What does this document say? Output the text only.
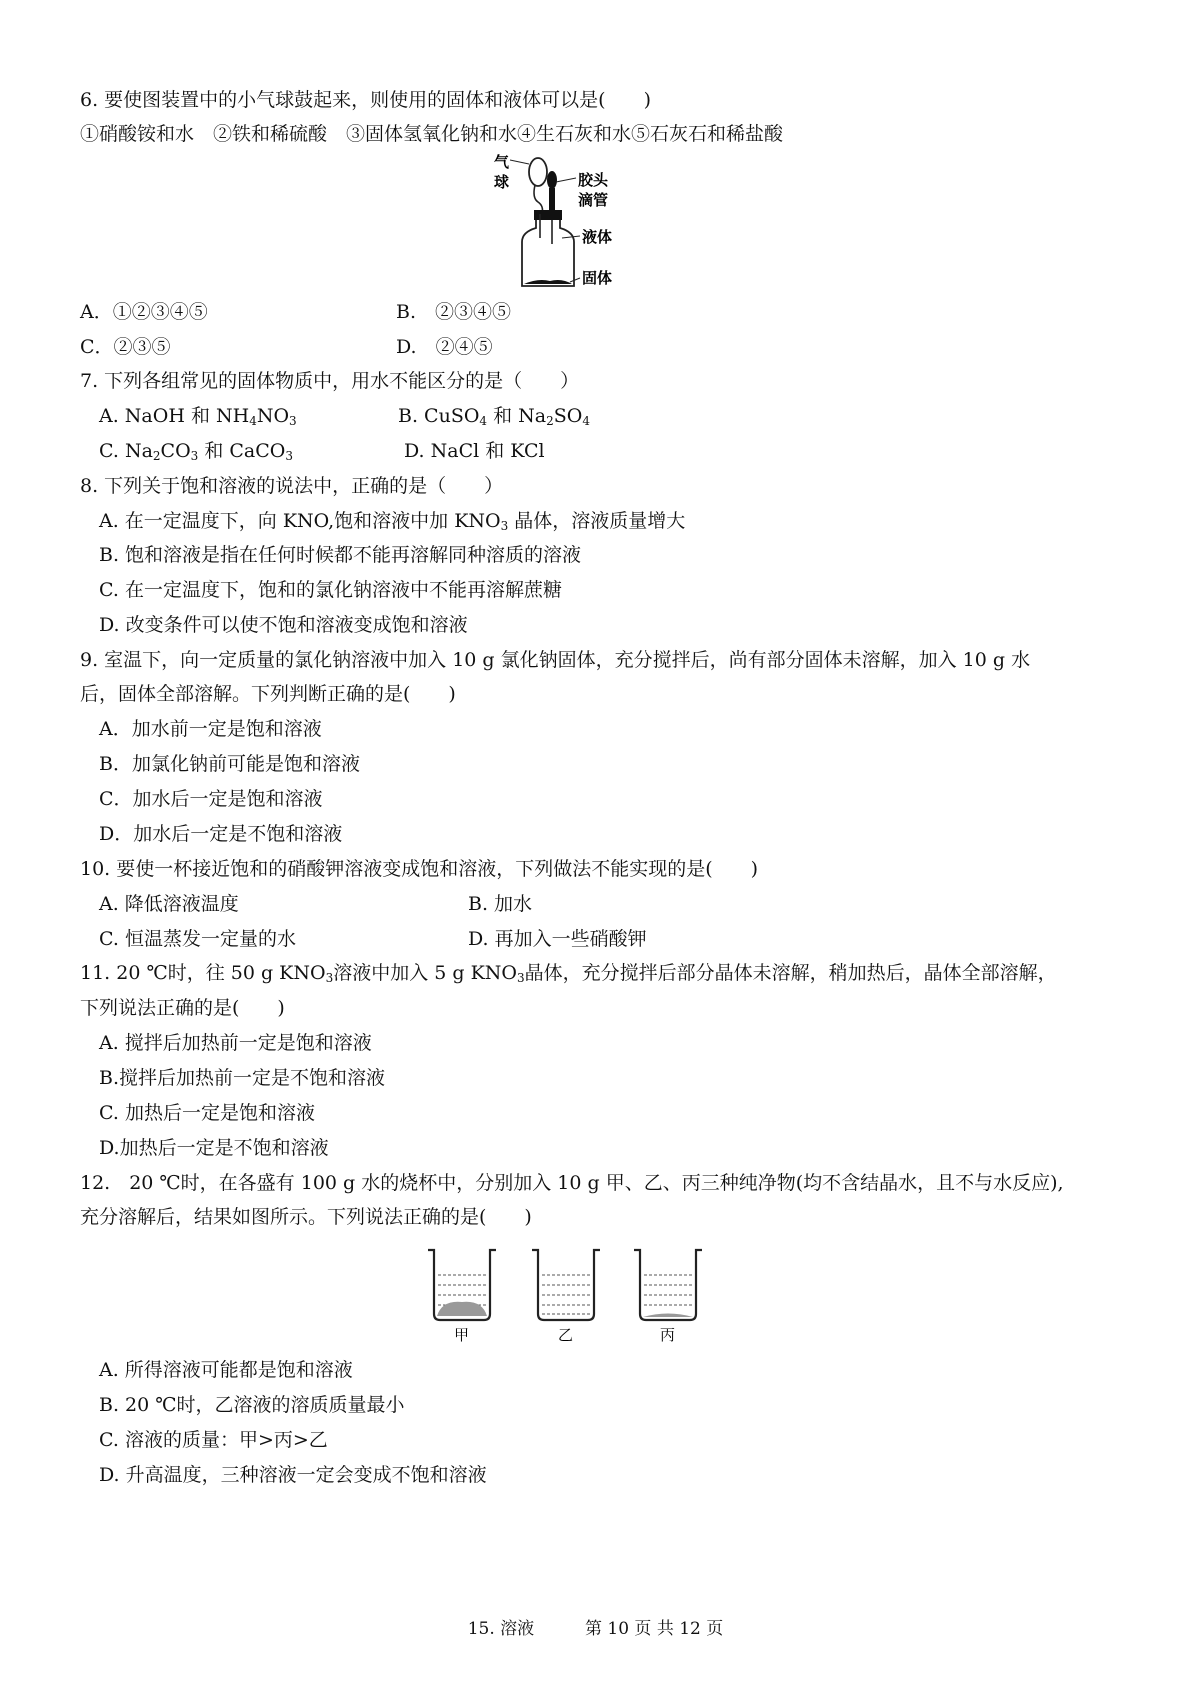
6. 要使图装置中的小气球鼓起来，则使用的固体和液体可以是(　　)
①硝酸铵和水　②铁和稀硫酸　③固体氢氧化钠和水④生石灰和水⑤石灰石和稀盐酸
气
球	胶头
滴管
液体
固体
A．①②③④⑤	B.　②③④⑤
C．②③⑤	D.　②④⑤
7. 下列各组常见的固体物质中，用水不能区分的是（　　）
A. NaOH 和 $NH_4NO_3$	B. CuSO$_4$ 和 $Na_2SO_4$
C. $Na_2CO_3$ 和 CaCO$_3$	D. NaCl 和 KCl
8. 下列关于饱和溶液的说法中，正确的是（　　）
A. 在一定温度下，向 KNO,饱和溶液中加 $KNO_3$ 晶体，溶液质量增大
B. 饱和溶液是指在任何时候都不能再溶解同种溶质的溶液
C. 在一定温度下，饱和的氯化钠溶液中不能再溶解蔗糖
D. 改变条件可以使不饱和溶液变成饱和溶液
9. 室温下，向一定质量的氯化钠溶液中加入 10 g 氯化钠固体，充分搅拌后，尚有部分固体未溶解，加入 10 g 水
后，固体全部溶解。下列判断正确的是(　　)
A．加水前一定是饱和溶液
B．加氯化钠前可能是饱和溶液
C．加水后一定是饱和溶液
D．加水后一定是不饱和溶液
10. 要使一杯接近饱和的硝酸钾溶液变成饱和溶液，下列做法不能实现的是(　　)
A. 降低溶液温度	B. 加水
C. 恒温蒸发一定量的水	D. 再加入一些硝酸钾
11. 20 ℃时，往 50 g $KNO_3$溶液中加入 5 g $KNO_3$晶体，充分搅拌后部分晶体未溶解，稍加热后，晶体全部溶解，
下列说法正确的是(　　)
A. 搅拌后加热前一定是饱和溶液
B.搅拌后加热前一定是不饱和溶液
C. 加热后一定是饱和溶液
D.加热后一定是不饱和溶液
12.　20 ℃时，在各盛有 100 g 水的烧杯中，分别加入 10 g 甲、乙、丙三种纯净物(均不含结晶水，且不与水反应),
充分溶解后，结果如图所示。下列说法正确的是(　　)
甲	乙	丙
A. 所得溶液可能都是饱和溶液
B. 20 ℃时，乙溶液的溶质质量最小
C. 溶液的质量：甲>丙>乙
D. 升高温度，三种溶液一定会变成不饱和溶液
15. 溶液	第 10 页 共 12 页
